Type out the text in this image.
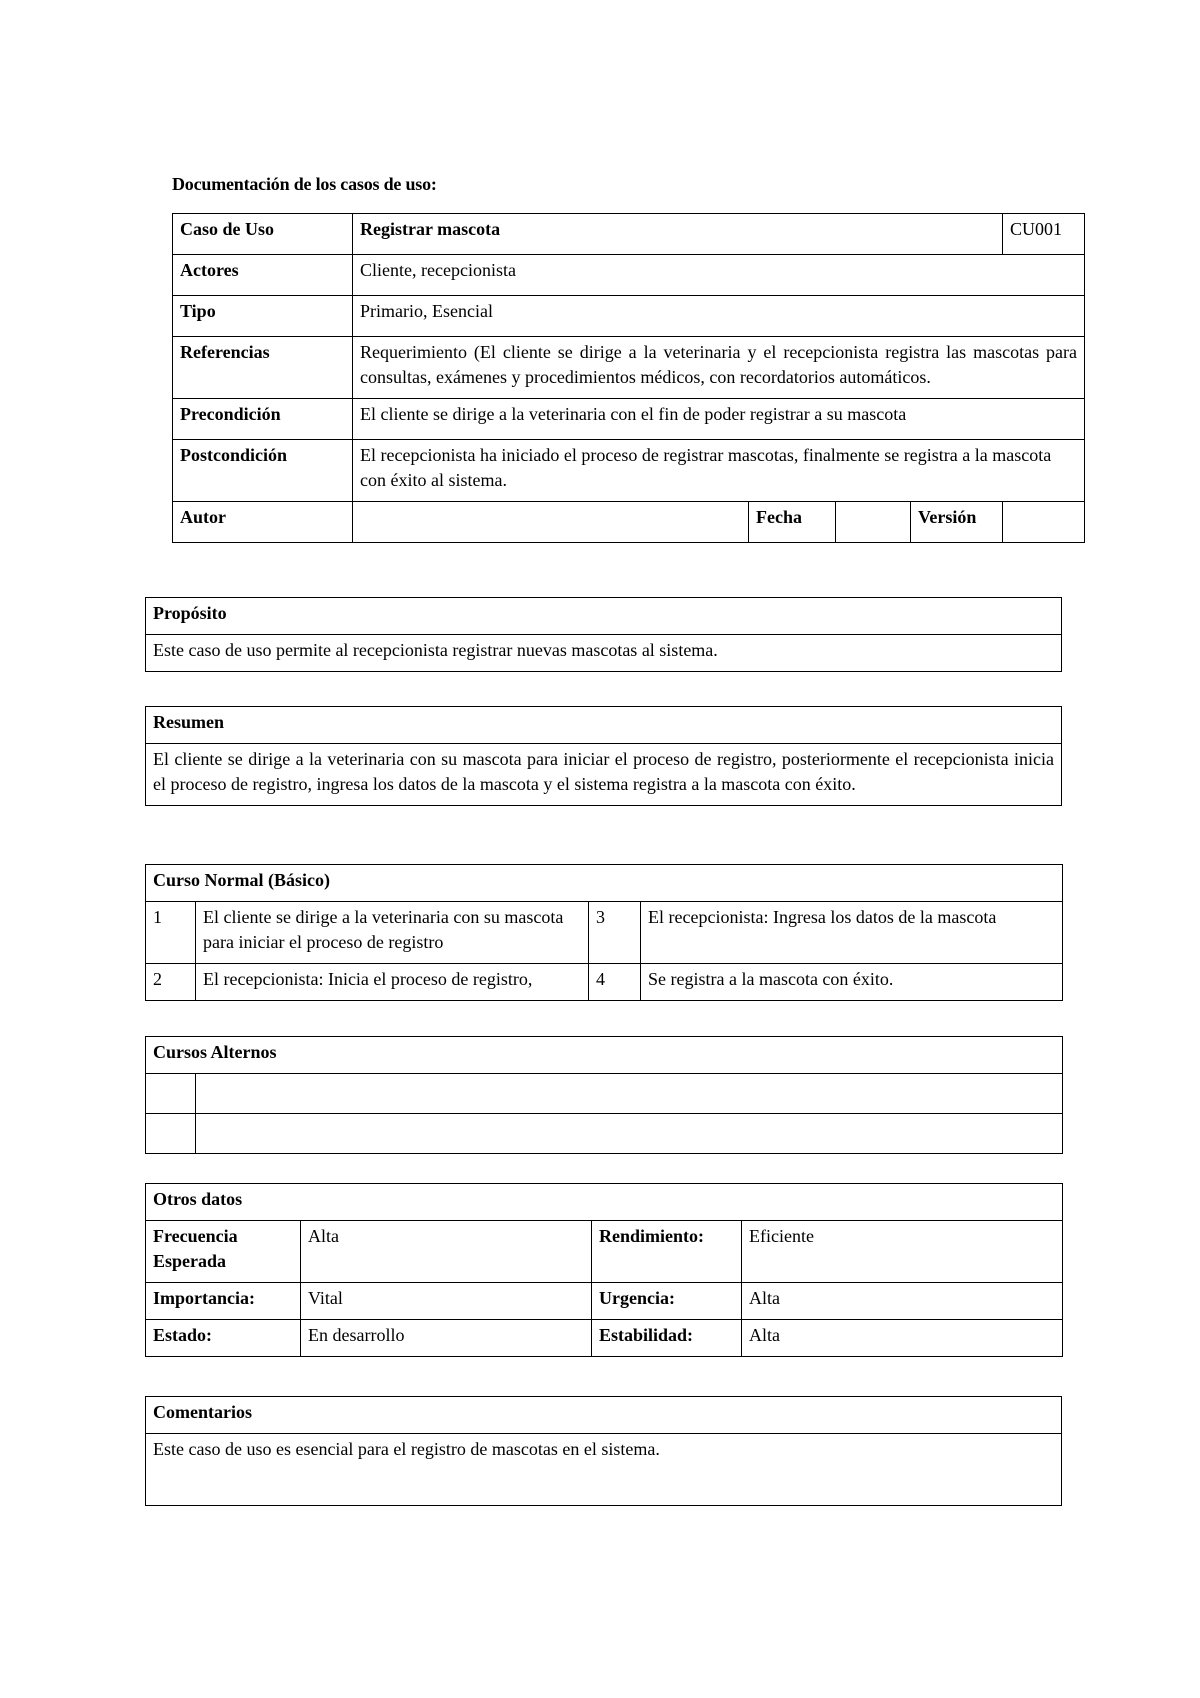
Documentación de los casos de uso:
Caso de Uso	Registrar mascota				CU001
Actores	Cliente, recepcionista				
Tipo	Primario, Esencial				
Referencias	Requerimiento (El cliente se dirige a la veterinaria y el recepcionista registra las mascotas para consultas, exámenes y procedimientos médicos, con recordatorios automáticos.				
Precondición	El cliente se dirige a la veterinaria con el fin de poder registrar a su mascota				
Postcondición	El recepcionista ha iniciado el proceso de registrar mascotas, finalmente se registra a la mascota con éxito al sistema.				
Autor		Fecha		Versión	
Propósito
Este caso de uso permite al recepcionista registrar nuevas mascotas al sistema.
Resumen
El cliente se dirige a la veterinaria con su mascota para iniciar el proceso de registro, posteriormente el recepcionista inicia el proceso de registro, ingresa los datos de la mascota y el sistema registra a la mascota con éxito.
Curso Normal (Básico)			
1	El cliente se dirige a la veterinaria con su mascota para iniciar el proceso de registro	3	El recepcionista: Ingresa los datos de la mascota
2	El recepcionista: Inicia el proceso de registro,	4	Se registra a la mascota con éxito.
Cursos Alternos	

Otros datos			
Frecuencia Esperada	Alta	Rendimiento:	Eficiente
Importancia:	Vital	Urgencia:	Alta
Estado:	En desarrollo	Estabilidad:	Alta
Comentarios
Este caso de uso es esencial para el registro de mascotas en el sistema.
